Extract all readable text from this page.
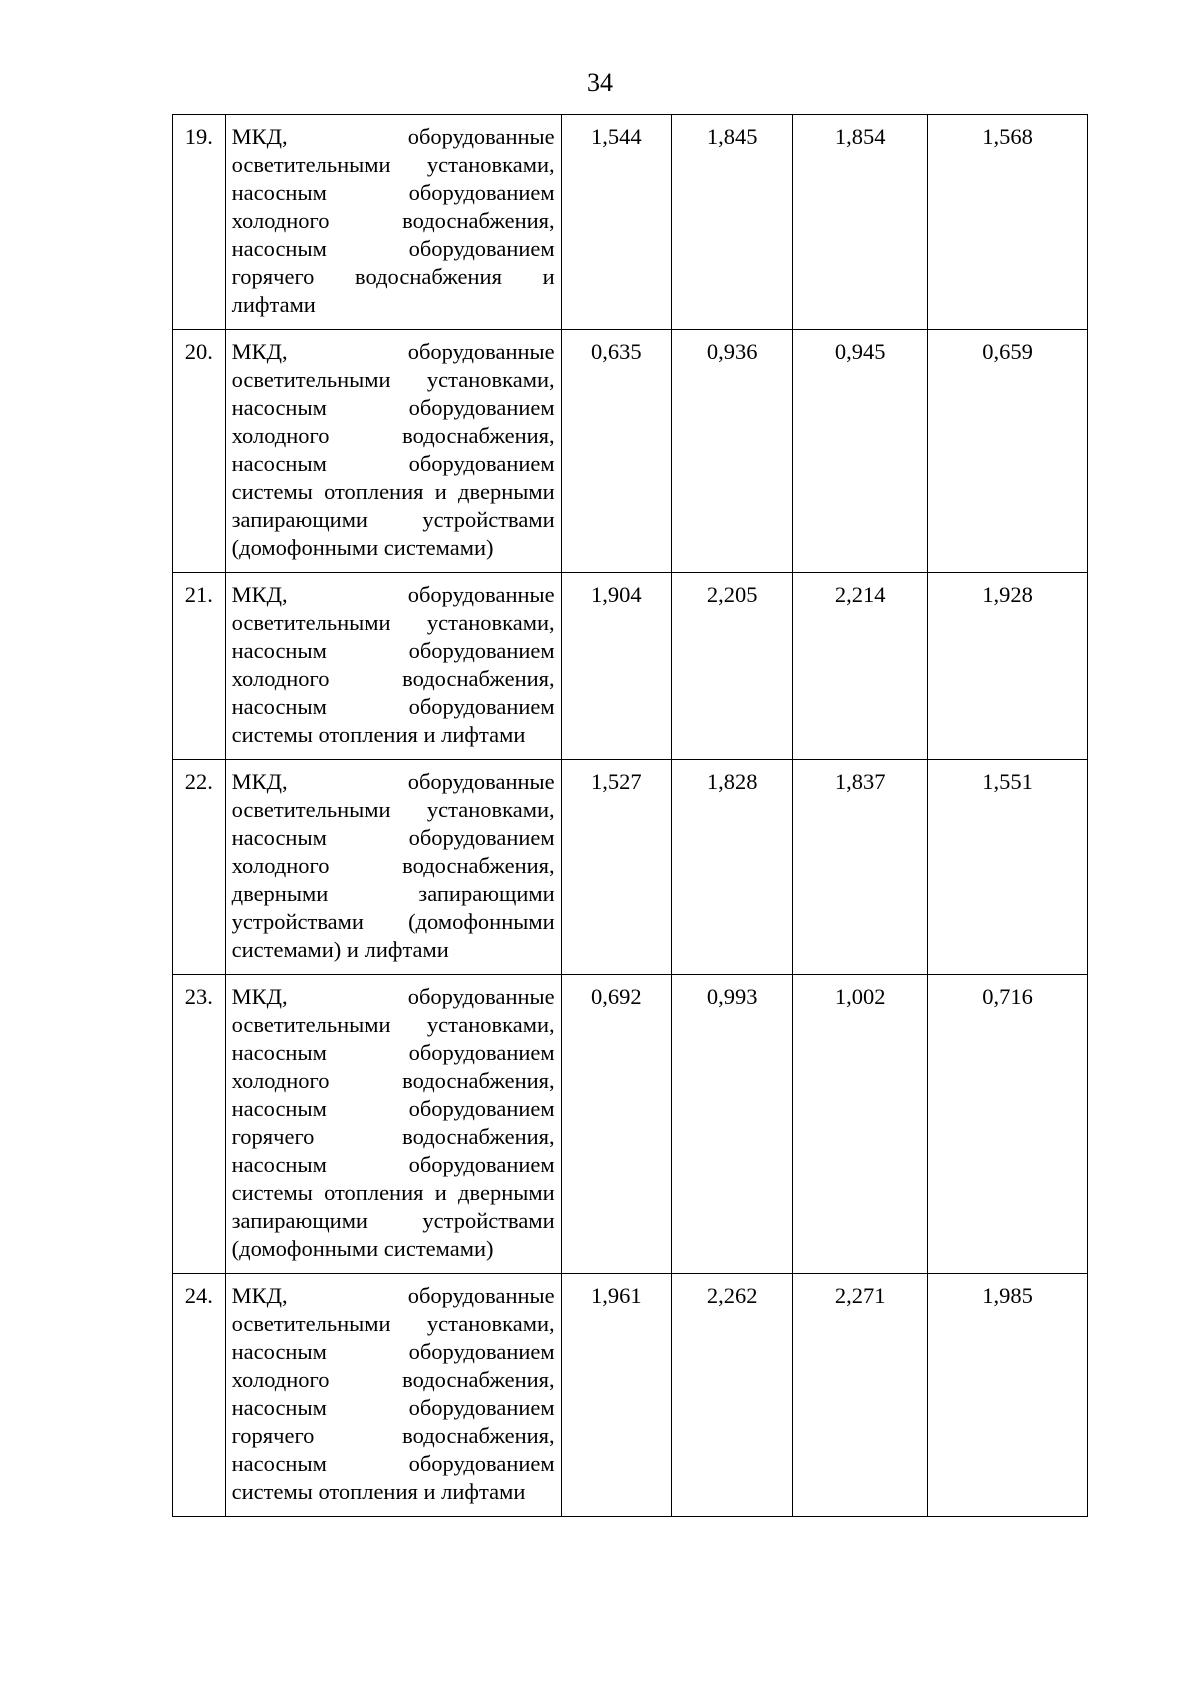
34
19.	МКД, оборудованные осветительными установками, насосным оборудованием холодного водоснабжения, насосным оборудованием горячего водоснабжения и лифтами	1,544	1,845	1,854	1,568
20.	МКД, оборудованные осветительными установками, насосным оборудованием холодного водоснабжения, насосным оборудованием системы отопления и дверными запирающими устройствами (домофонными системами)	0,635	0,936	0,945	0,659
21.	МКД, оборудованные осветительными установками, насосным оборудованием холодного водоснабжения, насосным оборудованием системы отопления и лифтами	1,904	2,205	2,214	1,928
22.	МКД, оборудованные осветительными установками, насосным оборудованием холодного водоснабжения, дверными запирающими устройствами (домофонными системами) и лифтами	1,527	1,828	1,837	1,551
23.	МКД, оборудованные осветительными установками, насосным оборудованием холодного водоснабжения, насосным оборудованием горячего водоснабжения, насосным оборудованием системы отопления и дверными запирающими устройствами (домофонными системами)	0,692	0,993	1,002	0,716
24.	МКД, оборудованные осветительными установками, насосным оборудованием холодного водоснабжения, насосным оборудованием горячего водоснабжения, насосным оборудованием системы отопления и лифтами	1,961	2,262	2,271	1,985
